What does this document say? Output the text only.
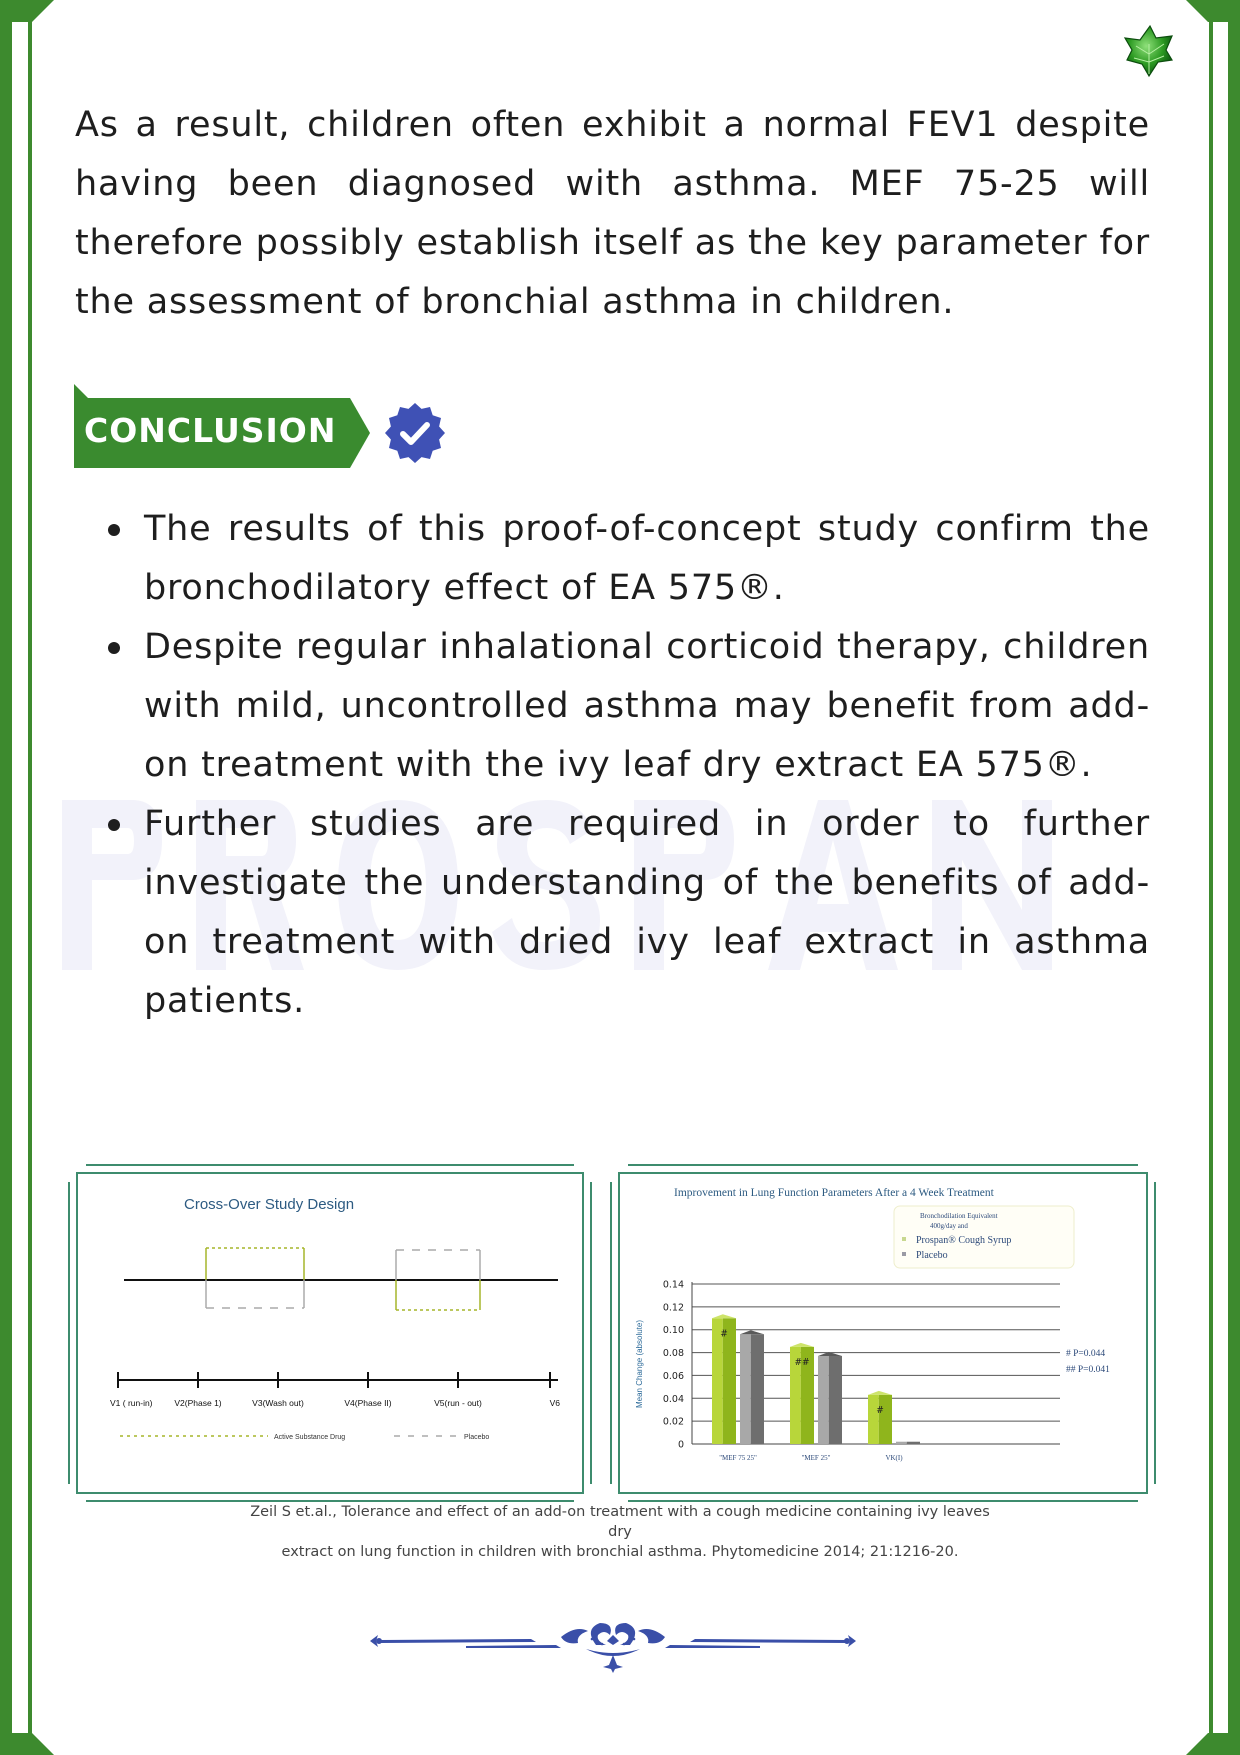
As a result, children often exhibit a normal FEV1 despite having been diagnosed with asthma. MEF 75-25 will therefore possibly establish itself as the key parameter for the assessment of bronchial asthma in children.

CONCLUSION
The results of this proof-of-concept study confirm the bronchodilatory effect of EA 575®.
Despite regular inhalational corticoid therapy, children with mild, uncontrolled asthma may benefit from add-on treatment with the ivy leaf dry extract EA 575®.
Further studies are required in order to further investigate the understanding of the benefits of add-on treatment with dried ivy leaf extract in asthma patients.
Cross-Over Study Design
V1 ( run-in)	V2(Phase 1)	V3(Wash out)	V4(Phase II)	V5(run - out)	V6
Active Substance Drug	Placebo
Improvement in Lung Function Parameters After a 4 Week Treatment
Bronchodilation Equivalent
400g/day and
Prospan® Cough Syrup
Placebo
Mean Change (absolute)
0
0.02
0.04
0.06
0.08
0.10
0.12
0.14
#
##
#
"MEF 75 25"	"MEF 25"	VK(I)
# P=0.044
## P=0.041
Zeil S et.al., Tolerance and effect of an add-on treatment with a cough medicine containing ivy leaves dry
extract on lung function in children with bronchial asthma. Phytomedicine 2014; 21:1216-20.
